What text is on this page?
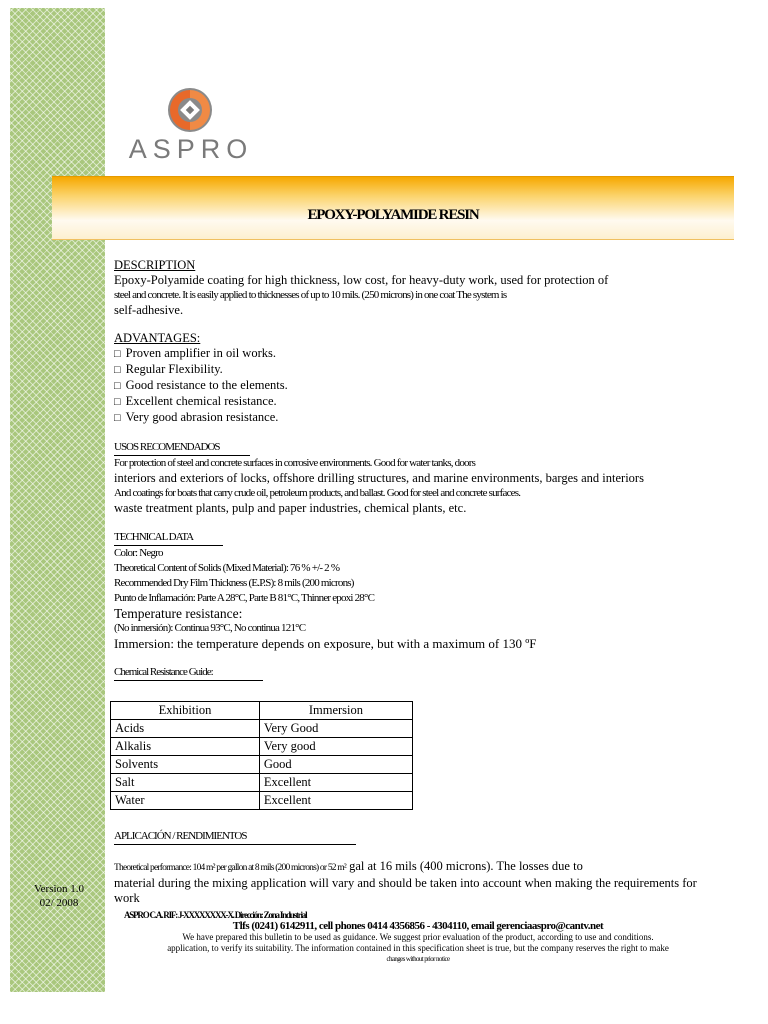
Version 1.0
02/ 2008
ASPRO
EPOXY-POLYAMIDE RESIN
DESCRIPTION
Epoxy-Polyamide coating for high thickness, low cost, for heavy-duty work, used for protection of
steel and concrete. It is easily applied to thicknesses of up to 10 mils. (250 microns) in one coat The system is
self-adhesive.
ADVANTAGES:
□ Proven amplifier in oil works.
□ Regular Flexibility.
□ Good resistance to the elements.
□ Excellent chemical resistance.
□ Very good abrasion resistance.
USOS RECOMENDADOS
For protection of steel and concrete surfaces in corrosive environments. Good for water tanks, doors
interiors and exteriors of locks, offshore drilling structures, and marine environments, barges and interiors
And coatings for boats that carry crude oil, petroleum products, and ballast. Good for steel and concrete surfaces.
waste treatment plants, pulp and paper industries, chemical plants, etc.
TECHNICAL DATA
Color: Negro
Theoretical Content of Solids (Mixed Material): 76 % +/- 2 %
Recommended Dry Film Thickness (E.P.S): 8 mils (200 microns)
Punto de Inflamación: Parte A 28°C, Parte B 81°C, Thinner epoxi 28°C
Temperature resistance:
(No inmersión): Continua 93°C, No continua 121°C
Immersion: the temperature depends on exposure, but with a maximum of 130 ºF
Chemical Resistance Guide:
Exhibition	Immersion
Acids	Very Good
Alkalis	Very good
Solvents	Good
Salt	Excellent
Water	Excellent
APLICACIÓN / RENDIMIENTOS
Theoretical performance: 104 m² per gallon at 8 mils (200 microns) or 52 m² gal at 16 mils (400 microns). The losses due to
material during the mixing application will vary and should be taken into account when making the requirements for
work
ASPRO C.A. RIF: J-XXXXXXXX-X. Dirección: Zona Industrial
Tlfs (0241) 6142911, cell phones 0414 4356856 - 4304110, email gerenciaaspro@cantv.net
We have prepared this bulletin to be used as guidance. We suggest prior evaluation of the product, according to use and conditions.
application, to verify its suitability. The information contained in this specification sheet is true, but the company reserves the right to make
changes without prior notice
